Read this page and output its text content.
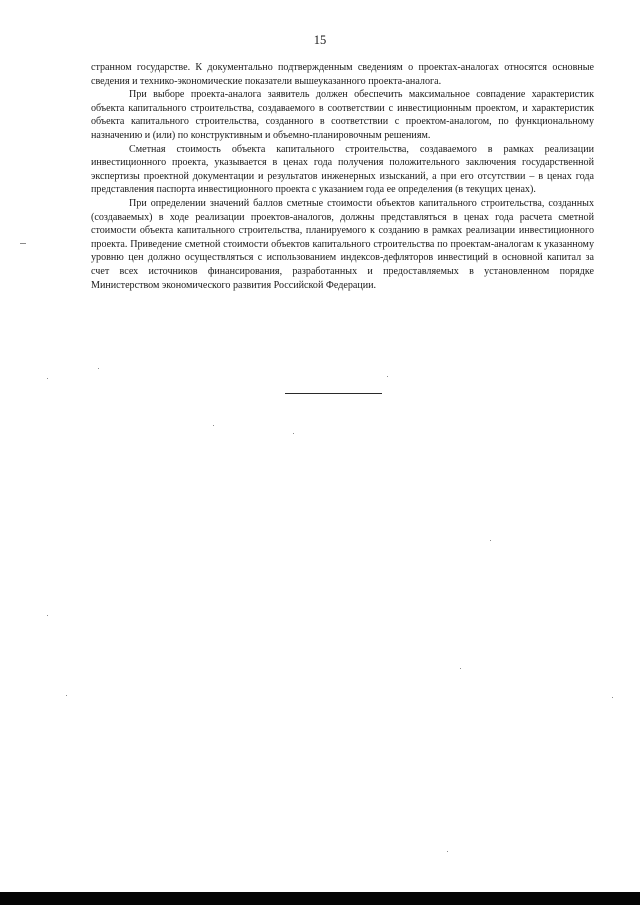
15

странном государстве. К документально подтвержденным сведениям о проектах-аналогах относятся основные сведения и технико-экономические показатели вышеуказанного проекта-аналога.

При выборе проекта-аналога заявитель должен обеспечить максимальное совпадение характеристик объекта капитального строительства, создаваемого в соответствии с инвестиционным проектом, и характеристик объекта капитального строительства, созданного в соответствии с проектом-аналогом, по функциональному назначению и (или) по конструктивным и объемно-планировочным решениям.

Сметная стоимость объекта капитального строительства, создаваемого в рамках реализации инвестиционного проекта, указывается в ценах года получения положительного заключения государственной экспертизы проектной документации и результатов инженерных изысканий, а при его отсутствии – в ценах года представления паспорта инвестиционного проекта с указанием года ее определения (в текущих ценах).

При определении значений баллов сметные стоимости объектов капитального строительства, созданных (создаваемых) в ходе реализации проектов-аналогов, должны представляться в ценах года расчета сметной стоимости объекта капитального строительства, планируемого к созданию в рамках реализации инвестиционного проекта. Приведение сметной стоимости объектов капитального строительства по проектам-аналогам к указанному уровню цен должно осуществляться с использованием индексов-дефляторов инвестиций в основной капитал за счет всех источников финансирования, разработанных и предоставляемых в установленном порядке Министерством экономического развития Российской Федерации.
